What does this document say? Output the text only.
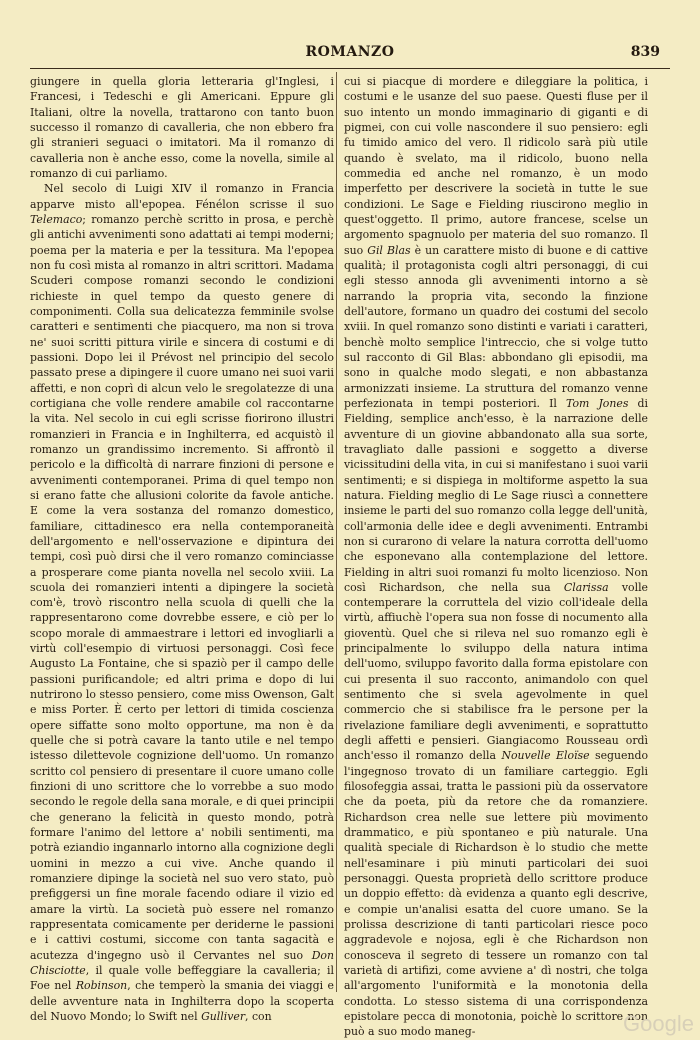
ROMANZO	839

giungere in quella gloria letteraria gl'Inglesi, i Francesi, i Tedeschi e gli Americani. Eppure gli Italiani, oltre la novella, trattarono con tanto buon successo il romanzo di cavalleria, che non ebbero fra gli stranieri seguaci o imitatori. Ma il romanzo di cavalleria non è anche esso, come la novella, simile al romanzo di cui parliamo.

Nel secolo di Luigi XIV il romanzo in Francia apparve misto all'epopea. Fénélon scrisse il suo Telemaco; romanzo perchè scritto in prosa, e perchè gli antichi avvenimenti sono adattati ai tempi moderni; poema per la materia e per la tessitura. Ma l'epopea non fu così mista al romanzo in altri scrittori. Madama Scuderi compose romanzi secondo le condizioni richieste in quel tempo da questo genere di componimenti. Colla sua delicatezza femminile svolse caratteri e sentimenti che piacquero, ma non si trova ne' suoi scritti pittura virile e sincera di costumi e di passioni. Dopo lei il Prévost nel principio del secolo passato prese a dipingere il cuore umano nei suoi varii affetti, e non coprì di alcun velo le sregolatezze di una cortigiana che volle rendere amabile col raccontarne la vita. Nel secolo in cui egli scrisse fiorirono illustri romanzieri in Francia e in Inghilterra, ed acquistò il romanzo un grandissimo incremento. Si affrontò il pericolo e la difficoltà di narrare finzioni di persone e avvenimenti contemporanei. Prima di quel tempo non si erano fatte che allusioni colorite da favole antiche. E come la vera sostanza del romanzo domestico, familiare, cittadinesco era nella contemporaneità dell'argomento e nell'osservazione e dipintura dei tempi, così può dirsi che il vero romanzo cominciasse a prosperare come pianta novella nel secolo xviii. La scuola dei romanzieri intenti a dipingere la società com'è, trovò riscontro nella scuola di quelli che la rappresentarono come dovrebbe essere, e ciò per lo scopo morale di ammaestrare i lettori ed invogliarli a virtù coll'esempio di virtuosi personaggi. Così fece Augusto La Fontaine, che si spaziò per il campo delle passioni purificandole; ed altri prima e dopo di lui nutrirono lo stesso pensiero, come miss Owenson, Galt e miss Porter. È certo per lettori di timida coscienza opere siffatte sono molto opportune, ma non è da quelle che si potrà cavare la tanto utile e nel tempo istesso dilettevole cognizione dell'uomo. Un romanzo scritto col pensiero di presentare il cuore umano colle finzioni di uno scrittore che lo vorrebbe a suo modo secondo le regole della sana morale, e di quei principii che generano la felicità in questo mondo, potrà formare l'animo del lettore a' nobili sentimenti, ma potrà eziandio ingannarlo intorno alla cognizione degli uomini in mezzo a cui vive. Anche quando il romanziere dipinge la società nel suo vero stato, può prefiggersi un fine morale facendo odiare il vizio ed amare la virtù. La società può essere nel romanzo rappresentata comicamente per deriderne le passioni e i cattivi costumi, siccome con tanta sagacità e acutezza d'ingegno usò il Cervantes nel suo Don Chisciotte, il quale volle beffeggiare la cavalleria; il Foe nel Robinson, che temperò la smania dei viaggi e delle avventure nata in Inghilterra dopo la scoperta del Nuovo Mondo; lo Swift nel Gulliver, con

cui si piacque di mordere e dileggiare la politica, i costumi e le usanze del suo paese. Questi fluse per il suo intento un mondo immaginario di giganti e di pigmei, con cui volle nascondere il suo pensiero: egli fu timido amico del vero. Il ridicolo sarà più utile quando è svelato, ma il ridicolo, buono nella commedia ed anche nel romanzo, è un modo imperfetto per descrivere la società in tutte le sue condizioni. Le Sage e Fielding riuscirono meglio in quest'oggetto. Il primo, autore francese, scelse un argomento spagnuolo per materia del suo romanzo. Il suo Gil Blas è un carattere misto di buone e di cattive qualità; il protagonista cogli altri personaggi, di cui egli stesso annoda gli avvenimenti intorno a sè narrando la propria vita, secondo la finzione dell'autore, formano un quadro dei costumi del secolo xviii. In quel romanzo sono distinti e variati i caratteri, benchè molto semplice l'intreccio, che si volge tutto sul racconto di Gil Blas: abbondano gli episodii, ma sono in qualche modo slegati, e non abbastanza armonizzati insieme. La struttura del romanzo venne perfezionata in tempi posteriori. Il Tom Jones di Fielding, semplice anch'esso, è la narrazione delle avventure di un giovine abbandonato alla sua sorte, travagliato dalle passioni e soggetto a diverse vicissitudini della vita, in cui si manifestano i suoi varii sentimenti; e si dispiega in moltiforme aspetto la sua natura. Fielding meglio di Le Sage riuscì a connettere insieme le parti del suo romanzo colla legge dell'unità, coll'armonia delle idee e degli avvenimenti. Entrambi non si curarono di velare la natura corrotta dell'uomo che esponevano alla contemplazione del lettore. Fielding in altri suoi romanzi fu molto licenzioso. Non così Richardson, che nella sua Clarissa volle contemperare la corruttela del vizio coll'ideale della virtù, affiuchè l'opera sua non fosse di nocumento alla gioventù. Quel che si rileva nel suo romanzo egli è principalmente lo sviluppo della natura intima dell'uomo, sviluppo favorito dalla forma epistolare con cui presenta il suo racconto, animandolo con quel sentimento che si svela agevolmente in quel commercio che si stabilisce fra le persone per la rivelazione familiare degli avvenimenti, e soprattutto degli affetti e pensieri. Giangiacomo Rousseau ordì anch'esso il romanzo della Nouvelle Eloïse seguendo l'ingegnoso trovato di un familiare carteggio. Egli filosofeggia assai, tratta le passioni più da osservatore che da poeta, più da retore che da romanziere. Richardson crea nelle sue lettere più movimento drammatico, e più spontaneo e più naturale. Una qualità speciale di Richardson è lo studio che mette nell'esaminare i più minuti particolari dei suoi personaggi. Questa proprietà dello scrittore produce un doppio effetto: dà evidenza a quanto egli descrive, e compie un'analisi esatta del cuore umano. Se la prolissa descrizione di tanti particolari riesce poco aggradevole e nojosa, egli è che Richardson non conosceva il segreto di tessere un romanzo con tal varietà di artifizi, come avviene a' dì nostri, che tolga all'argomento l'uniformità e la monotonia della condotta. Lo stesso sistema di una corrispondenza epistolare pecca di monotonia, poichè lo scrittore non può a suo modo maneg-	Google
